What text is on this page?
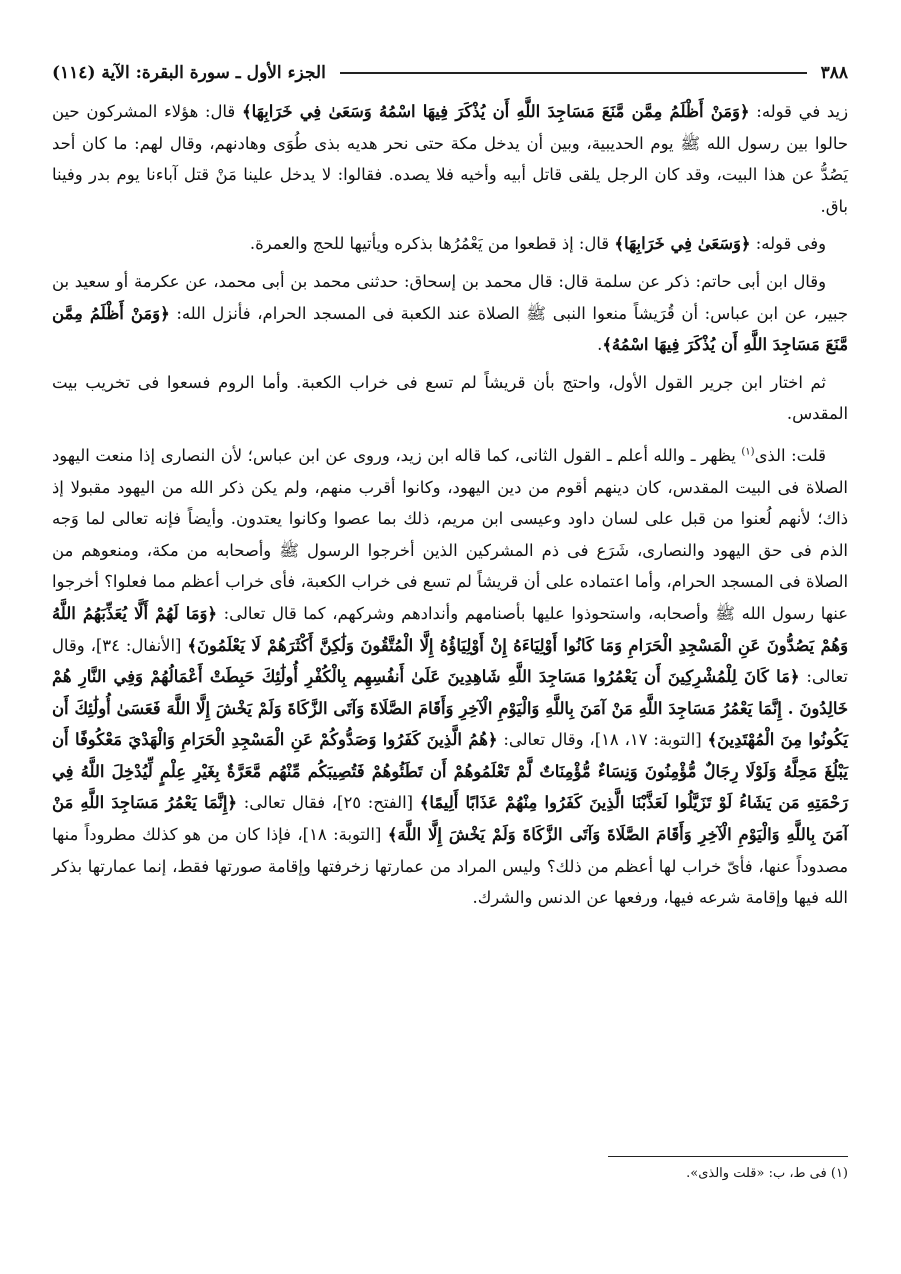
٣٨٨
الجزء الأول ـ سورة البقرة: الآية (١١٤)

زيد في قوله: ﴿وَمَنْ أَظْلَمُ مِمَّن مَّنَعَ مَسَاجِدَ اللَّهِ أَن يُذْكَرَ فِيهَا اسْمُهُ وَسَعَىٰ فِي خَرَابِهَا﴾ قال: هؤلاء المشركون حين حالوا بين رسول الله ﷺ يوم الحديبية، وبين أن يدخل مكة حتى نحر هديه بذى طُوَى وهادنهم، وقال لهم: ما كان أحد يَصُدُّ عن هذا البيت، وقد كان الرجل يلقى قاتل أبيه وأخيه فلا يصده. فقالوا: لا يدخل علينا مَنْ قتل آباءنا يوم بدر وفينا باق.

وفى قوله: ﴿وَسَعَىٰ فِي خَرَابِهَا﴾ قال: إذ قطعوا من يَعْمُرُها بذكره ويأتيها للحج والعمرة.

وقال ابن أبى حاتم: ذكر عن سلمة قال: قال محمد بن إسحاق: حدثنى محمد بن أبى محمد، عن عكرمة أو سعيد بن جبير، عن ابن عباس: أن قُرَيشاً منعوا النبى ﷺ الصلاة عند الكعبة فى المسجد الحرام، فأنزل الله: ﴿وَمَنْ أَظْلَمُ مِمَّن مَّنَعَ مَسَاجِدَ اللَّهِ أَن يُذْكَرَ فِيهَا اسْمُهُ﴾.

ثم اختار ابن جرير القول الأول، واحتج بأن قريشاً لم تسع فى خراب الكعبة. وأما الروم فسعوا فى تخريب بيت المقدس.

قلت: الذى$^{(١)}$ يظهر ـ والله أعلم ـ القول الثانى، كما قاله ابن زيد، وروى عن ابن عباس؛ لأن النصارى إذا منعت اليهود الصلاة فى البيت المقدس، كان دينهم أقوم من دين اليهود، وكانوا أقرب منهم، ولم يكن ذكر الله من اليهود مقبولا إذ ذاك؛ لأنهم لُعنوا من قبل على لسان داود وعيسى ابن مريم، ذلك بما عصوا وكانوا يعتدون. وأيضاً فإنه تعالى لما وَجه الذم فى حق اليهود والنصارى، شَرَع فى ذم المشركين الذين أخرجوا الرسول ﷺ وأصحابه من مكة، ومنعوهم من الصلاة فى المسجد الحرام، وأما اعتماده على أن قريشاً لم تسع فى خراب الكعبة، فأى خراب أعظم مما فعلوا؟ أخرجوا عنها رسول الله ﷺ وأصحابه، واستحوذوا عليها بأصنامهم وأندادهم وشركهم، كما قال تعالى: ﴿وَمَا لَهُمْ أَلَّا يُعَذِّبَهُمُ اللَّهُ وَهُمْ يَصُدُّونَ عَنِ الْمَسْجِدِ الْحَرَامِ وَمَا كَانُوا أَوْلِيَاءَهُ إِنْ أَوْلِيَاؤُهُ إِلَّا الْمُتَّقُونَ وَلَٰكِنَّ أَكْثَرَهُمْ لَا يَعْلَمُونَ﴾ [الأنفال: ٣٤]، وقال تعالى: ﴿مَا كَانَ لِلْمُشْرِكِينَ أَن يَعْمُرُوا مَسَاجِدَ اللَّهِ شَاهِدِينَ عَلَىٰ أَنفُسِهِم بِالْكُفْرِ أُولَٰئِكَ حَبِطَتْ أَعْمَالُهُمْ وَفِي النَّارِ هُمْ خَالِدُونَ . إِنَّمَا يَعْمُرُ مَسَاجِدَ اللَّهِ مَنْ آمَنَ بِاللَّهِ وَالْيَوْمِ الْآخِرِ وَأَقَامَ الصَّلَاةَ وَآتَى الزَّكَاةَ وَلَمْ يَخْشَ إِلَّا اللَّهَ فَعَسَىٰ أُولَٰئِكَ أَن يَكُونُوا مِنَ الْمُهْتَدِينَ﴾ [التوبة: ١٧، ١٨]، وقال تعالى: ﴿هُمُ الَّذِينَ كَفَرُوا وَصَدُّوكُمْ عَنِ الْمَسْجِدِ الْحَرَامِ وَالْهَدْيَ مَعْكُوفًا أَن يَبْلُغَ مَحِلَّهُ وَلَوْلَا رِجَالٌ مُّؤْمِنُونَ وَنِسَاءٌ مُّؤْمِنَاتٌ لَّمْ تَعْلَمُوهُمْ أَن تَطَئُوهُمْ فَتُصِيبَكُم مِّنْهُم مَّعَرَّةٌ بِغَيْرِ عِلْمٍ لِّيُدْخِلَ اللَّهُ فِي رَحْمَتِهِ مَن يَشَاءُ لَوْ تَزَيَّلُوا لَعَذَّبْنَا الَّذِينَ كَفَرُوا مِنْهُمْ عَذَابًا أَلِيمًا﴾ [الفتح: ٢٥]، فقال تعالى: ﴿إِنَّمَا يَعْمُرُ مَسَاجِدَ اللَّهِ مَنْ آمَنَ بِاللَّهِ وَالْيَوْمِ الْآخِرِ وَأَقَامَ الصَّلَاةَ وَآتَى الزَّكَاةَ وَلَمْ يَخْشَ إِلَّا اللَّهَ﴾ [التوبة: ١٨]، فإذا كان من هو كذلك مطروداً منها مصدوداً عنها، فأىّ خراب لها أعظم من ذلك؟ وليس المراد من عمارتها زخرفتها وإقامة صورتها فقط، إنما عمارتها بذكر الله فيها وإقامة شرعه فيها، ورفعها عن الدنس والشرك.

(١) فى ط، ب: «قلت والذى».
